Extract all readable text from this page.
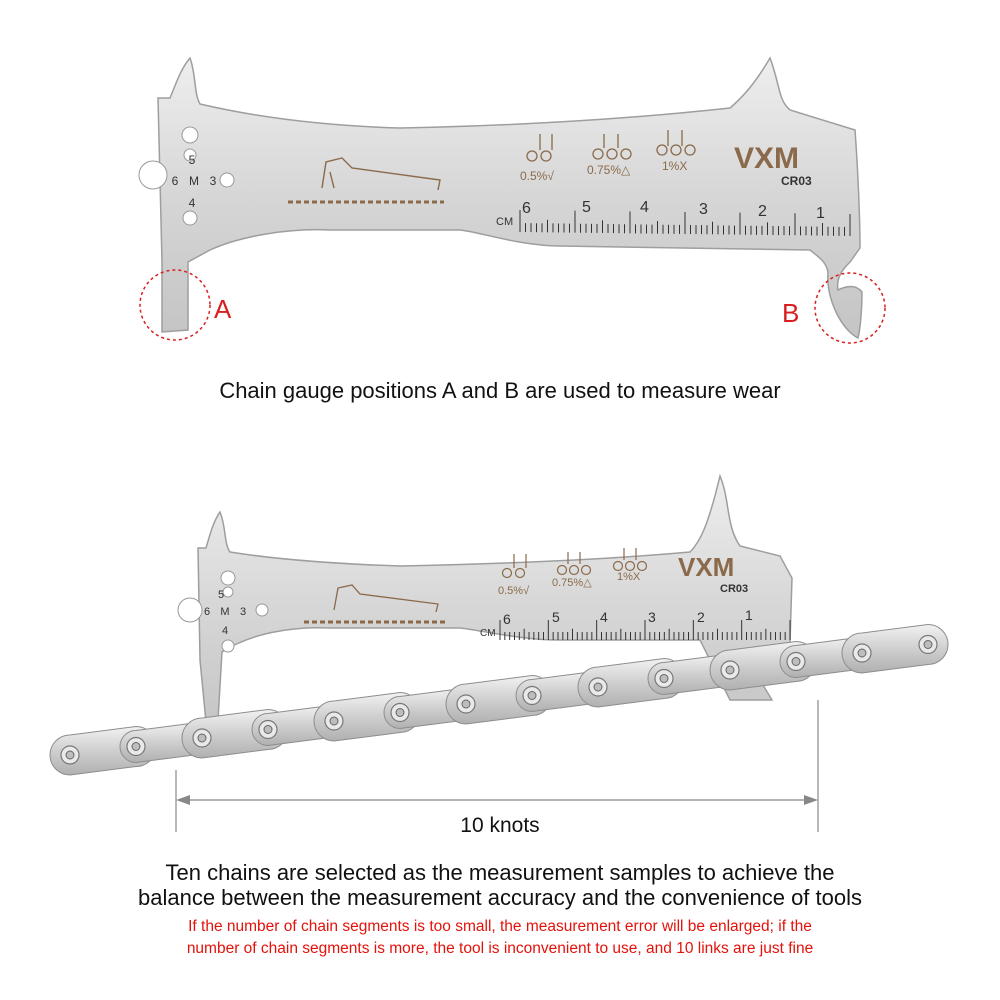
5
6 M 3
4
0.5%√	0.75%△	1%X VXM
CR03
CM
6	5	4	3	2	1
A	B
Chain gauge positions A and B are used to measure wear
5
6 M 3
4
0.5%√
0.75%△ 1%X VXM
CR03
CM
6	5	4	3	2	1
10 knots
Ten chains are selected as the measurement samples to achieve the
balance between the measurement accuracy and the convenience of tools
If the number of chain segments is too small, the measurement error will be enlarged; if the
number of chain segments is more, the tool is inconvenient to use, and 10 links are just fine
